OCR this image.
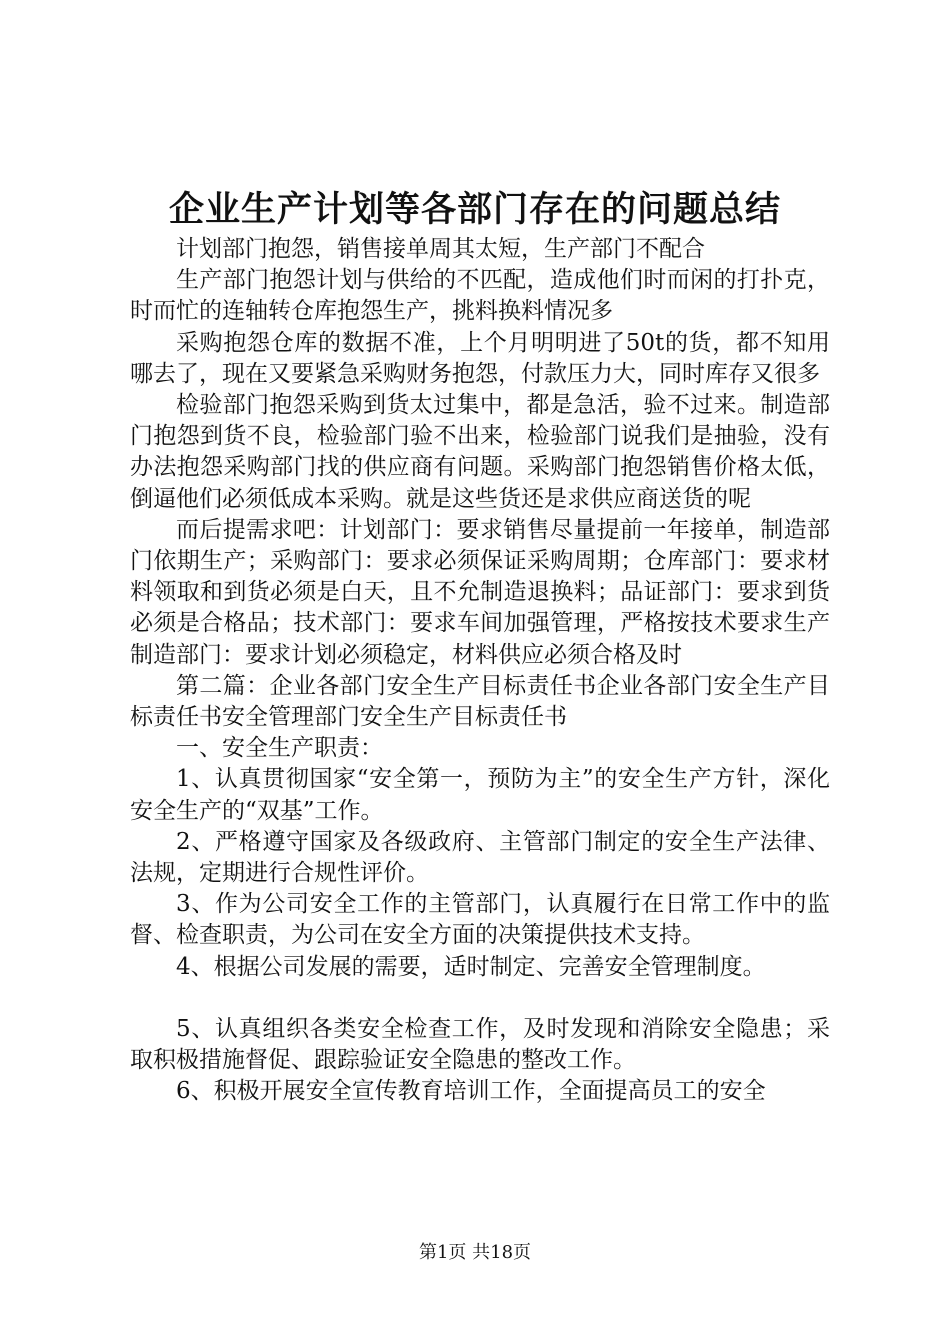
企业生产计划等各部门存在的问题总结

计划部门抱怨，销售接单周其太短，生产部门不配合

生产部门抱怨计划与供给的不匹配，造成他们时而闲的打扑克，时而忙的连轴转仓库抱怨生产，挑料换料情况多

采购抱怨仓库的数据不准，上个月明明进了50t的货，都不知用哪去了，现在又要紧急采购财务抱怨，付款压力大，同时库存又很多

检验部门抱怨采购到货太过集中，都是急活，验不过来。制造部门抱怨到货不良，检验部门验不出来，检验部门说我们是抽验，没有办法抱怨采购部门找的供应商有问题。采购部门抱怨销售价格太低，倒逼他们必须低成本采购。就是这些货还是求供应商送货的呢

而后提需求吧：计划部门：要求销售尽量提前一年接单，制造部门依期生产；采购部门：要求必须保证采购周期；仓库部门：要求材料领取和到货必须是白天，且不允制造退换料；品证部门：要求到货必须是合格品；技术部门：要求车间加强管理，严格按技术要求生产制造部门：要求计划必须稳定，材料供应必须合格及时

第二篇：企业各部门安全生产目标责任书企业各部门安全生产目标责任书安全管理部门安全生产目标责任书

一、安全生产职责：

1、认真贯彻国家“安全第一，预防为主”的安全生产方针，深化安全生产的“双基”工作。

2、严格遵守国家及各级政府、主管部门制定的安全生产法律、法规，定期进行合规性评价。

3、作为公司安全工作的主管部门，认真履行在日常工作中的监督、检查职责，为公司在安全方面的决策提供技术支持。

4、根据公司发展的需要，适时制定、完善安全管理制度。

5、认真组织各类安全检查工作，及时发现和消除安全隐患；采取积极措施督促、跟踪验证安全隐患的整改工作。

6、积极开展安全宣传教育培训工作，全面提高员工的安全

第1页 共18页
